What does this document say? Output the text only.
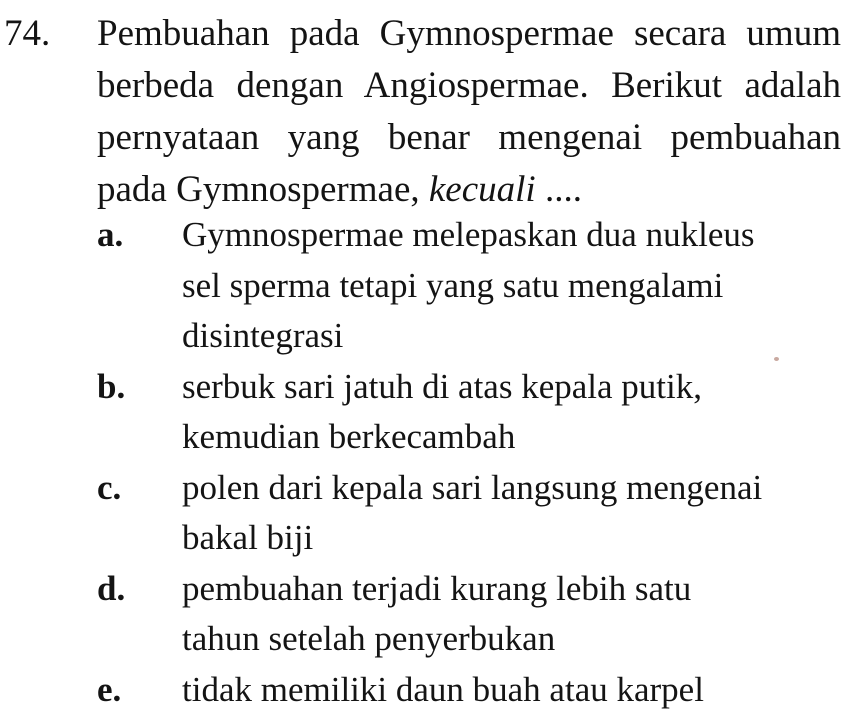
74. Pembuahan pada Gymnospermae secara umum
berbeda dengan Angiospermae. Berikut adalah
pernyataan yang benar mengenai pembuahan
pada Gymnospermae, kecuali ....
a. Gymnospermae melepaskan dua nukleus
sel sperma tetapi yang satu mengalami
disintegrasi
b. serbuk sari jatuh di atas kepala putik,
kemudian berkecambah
c. polen dari kepala sari langsung mengenai
bakal biji
d. pembuahan terjadi kurang lebih satu
tahun setelah penyerbukan
e. tidak memiliki daun buah atau karpel
